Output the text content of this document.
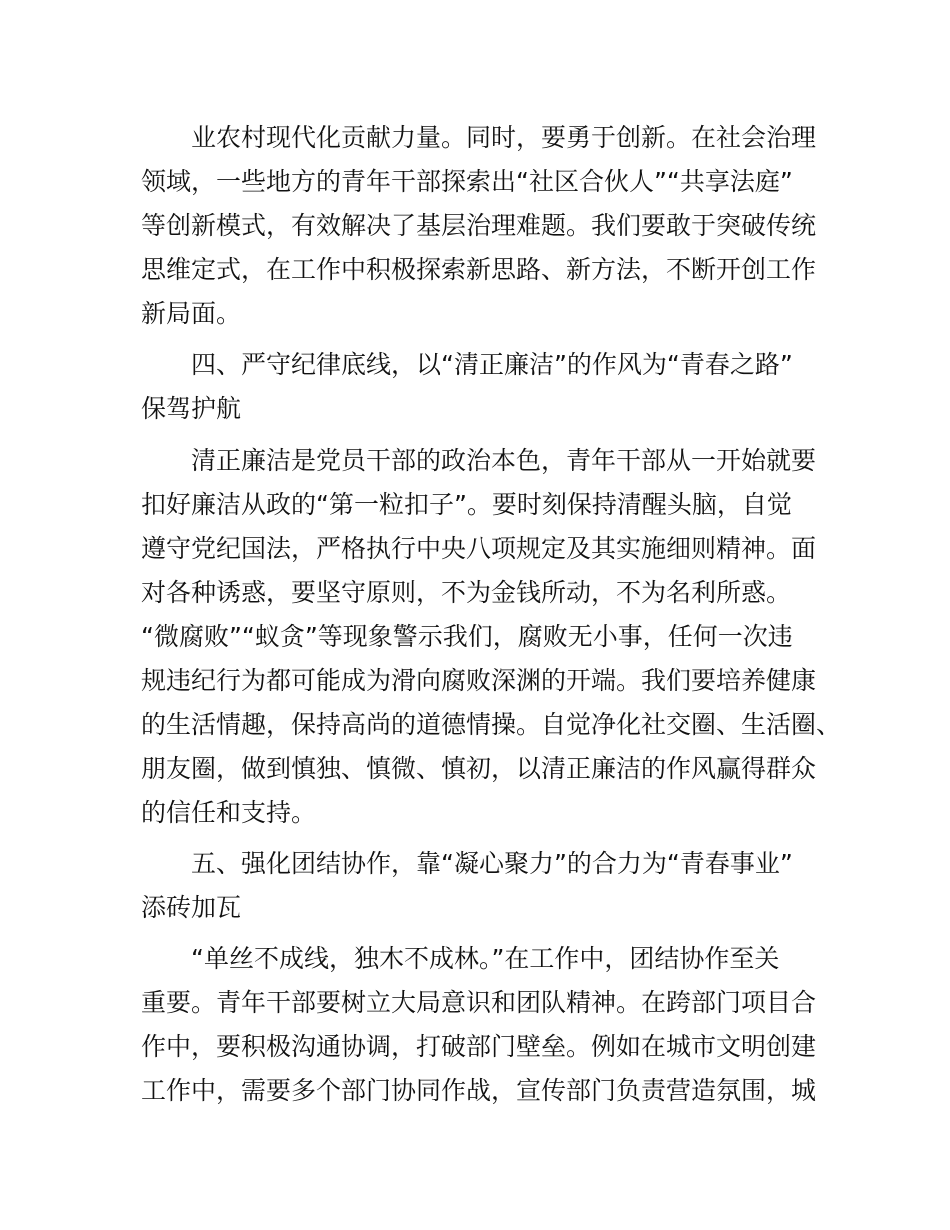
业农村现代化贡献力量。同时，要勇于创新。在社会治理
领域，一些地方的青年干部探索出“社区合伙人”“共享法庭”
等创新模式，有效解决了基层治理难题。我们要敢于突破传统
思维定式，在工作中积极探索新思路、新方法，不断开创工作
新局面。
四、严守纪律底线，以“清正廉洁”的作风为“青春之路”
保驾护航
清正廉洁是党员干部的政治本色，青年干部从一开始就要
扣好廉洁从政的“第一粒扣子”。要时刻保持清醒头脑，自觉
遵守党纪国法，严格执行中央八项规定及其实施细则精神。面
对各种诱惑，要坚守原则，不为金钱所动，不为名利所惑。
“微腐败”“蚁贪”等现象警示我们，腐败无小事，任何一次违
规违纪行为都可能成为滑向腐败深渊的开端。我们要培养健康
的生活情趣，保持高尚的道德情操。自觉净化社交圈、生活圈、
朋友圈，做到慎独、慎微、慎初，以清正廉洁的作风赢得群众
的信任和支持。
五、强化团结协作，靠“凝心聚力”的合力为“青春事业”
添砖加瓦
“单丝不成线，独木不成林。”在工作中，团结协作至关
重要。青年干部要树立大局意识和团队精神。在跨部门项目合
作中，要积极沟通协调，打破部门壁垒。例如在城市文明创建
工作中，需要多个部门协同作战，宣传部门负责营造氛围，城
